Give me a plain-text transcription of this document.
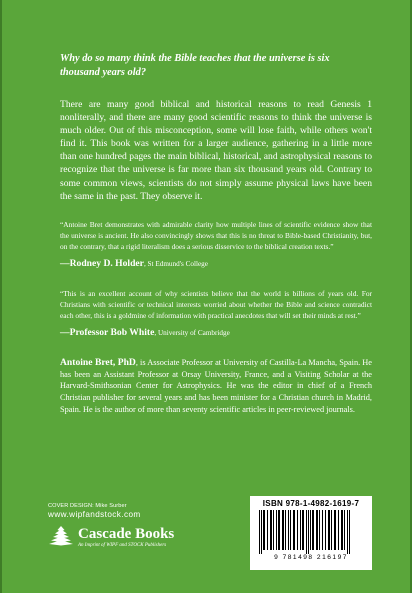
Why do so many think the Bible teaches that the universe is six thousand years old?

There are many good biblical and historical reasons to read Genesis 1 nonliterally, and there are many good scientific reasons to think the universe is much older. Out of this misconception, some will lose faith, while others won't find it. This book was written for a larger audience, gathering in a little more than one hundred pages the main biblical, historical, and astrophysical reasons to recognize that the universe is far more than six thousand years old. Contrary to some common views, scientists do not simply assume physical laws have been the same in the past. They observe it.

“Antoine Bret demonstrates with admirable clarity how multiple lines of scientific evidence show that the universe is ancient. He also convincingly shows that this is no threat to Bible-based Christianity, but, on the contrary, that a rigid literalism does a serious disservice to the biblical creation texts.”

—Rodney D. Holder, St Edmund's College

“This is an excellent account of why scientists believe that the world is billions of years old. For Christians with scientific or technical interests worried about whether the Bible and science contradict each other, this is a goldmine of information with practical anecdotes that will set their minds at rest.”

—Professor Bob White, University of Cambridge

Antoine Bret, PhD, is Associate Professor at University of Castilla-La Mancha, Spain. He has been an Assistant Professor at Orsay University, France, and a Visiting Scholar at the Harvard-Smithsonian Center for Astrophysics. He was the editor in chief of a French Christian publisher for several years and has been minister for a Christian church in Madrid, Spain. He is the author of more than seventy scientific articles in peer-reviewed journals.

COVER DESIGN: Mike Surber
www.wipfandstock.com
Cascade Books
An Imprint of WIPF and STOCK Publishers
ISBN 978-1-4982-1619-7
9 781498 216197
